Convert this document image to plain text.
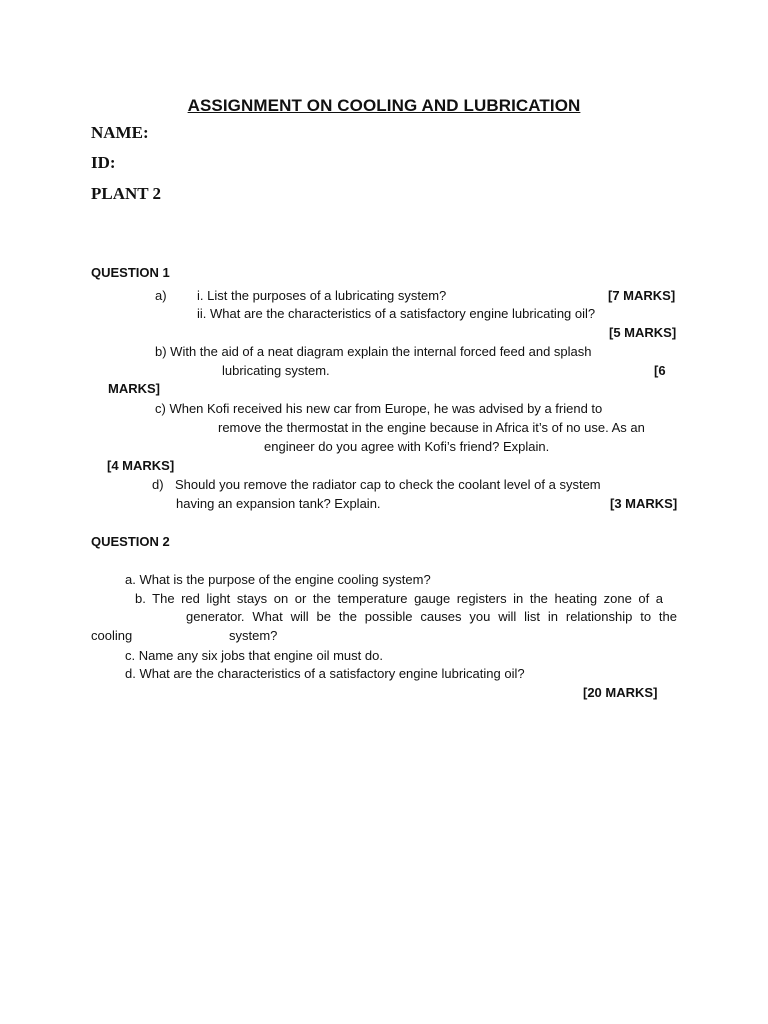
ASSIGNMENT ON COOLING AND LUBRICATION
NAME:
ID:
PLANT 2
QUESTION 1
a) i. List the purposes of a lubricating system?	[7 MARKS]
ii. What are the characteristics of a satisfactory engine lubricating oil?
[5 MARKS]
b) With the aid of a neat diagram explain the internal forced feed and splash
lubricating system.	[6
MARKS]
c) When Kofi received his new car from Europe, he was advised by a friend to
remove the thermostat in the engine because in Africa it’s of no use. As an
engineer do you agree with Kofi’s friend? Explain.
[4 MARKS]
d) Should you remove the radiator cap to check the coolant level of a system
having an expansion tank? Explain.	[3 MARKS]
QUESTION 2
a. What is the purpose of the engine cooling system?
b. The red light stays on or the temperature gauge registers in the heating zone of a
generator. What will be the possible causes you will list in relationship to the
cooling	system?
c. Name any six jobs that engine oil must do.
d. What are the characteristics of a satisfactory engine lubricating oil?
[20 MARKS]
